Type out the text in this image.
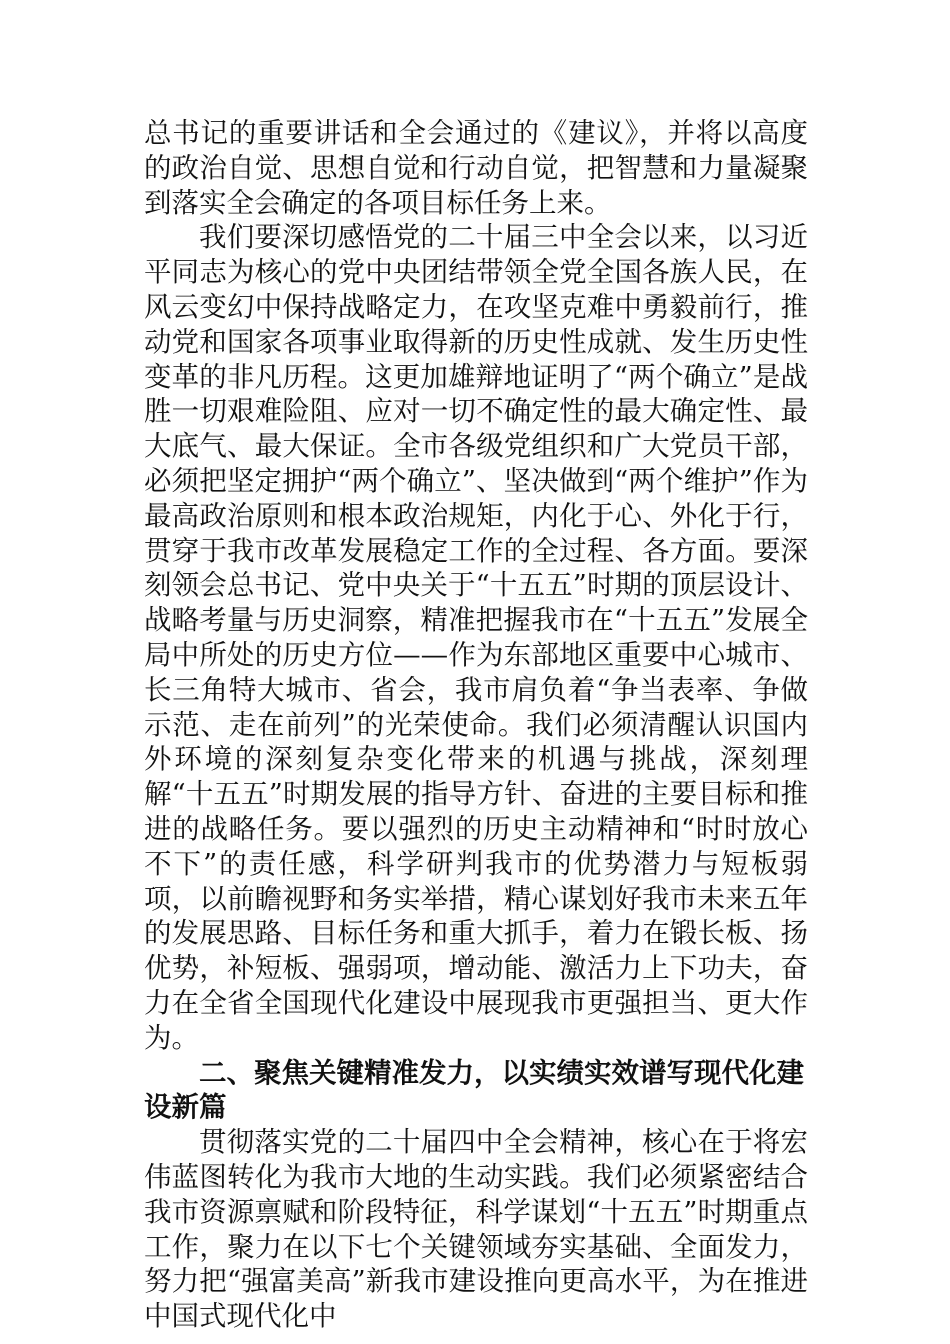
总书记的重要讲话和全会通过的《建议》，并将以高度的政治自觉、思想自觉和行动自觉，把智慧和力量凝聚到落实全会确定的各项目标任务上来。

我们要深切感悟党的二十届三中全会以来，以习近平同志为核心的党中央团结带领全党全国各族人民，在风云变幻中保持战略定力，在攻坚克难中勇毅前行，推动党和国家各项事业取得新的历史性成就、发生历史性变革的非凡历程。这更加雄辩地证明了“两个确立”是战胜一切艰难险阻、应对一切不确定性的最大确定性、最大底气、最大保证。全市各级党组织和广大党员干部，必须把坚定拥护“两个确立”、坚决做到“两个维护”作为最高政治原则和根本政治规矩，内化于心、外化于行，贯穿于我市改革发展稳定工作的全过程、各方面。要深刻领会总书记、党中央关于“十五五”时期的顶层设计、战略考量与历史洞察，精准把握我市在“十五五”发展全局中所处的历史方位——作为东部地区重要中心城市、长三角特大城市、省会，我市肩负着“争当表率、争做示范、走在前列”的光荣使命。我们必须清醒认识国内外环境的深刻复杂变化带来的机遇与挑战，深刻理解“十五五”时期发展的指导方针、奋进的主要目标和推进的战略任务。要以强烈的历史主动精神和“时时放心不下”的责任感，科学研判我市的优势潜力与短板弱项，以前瞻视野和务实举措，精心谋划好我市未来五年的发展思路、目标任务和重大抓手，着力在锻长板、扬优势，补短板、强弱项，增动能、激活力上下功夫，奋力在全省全国现代化建设中展现我市更强担当、更大作为。

二、聚焦关键精准发力，以实绩实效谱写现代化建设新篇

贯彻落实党的二十届四中全会精神，核心在于将宏伟蓝图转化为我市大地的生动实践。我们必须紧密结合我市资源禀赋和阶段特征，科学谋划“十五五”时期重点工作，聚力在以下七个关键领域夯实基础、全面发力，努力把“强富美高”新我市建设推向更高水平，为在推进中国式现代化中
